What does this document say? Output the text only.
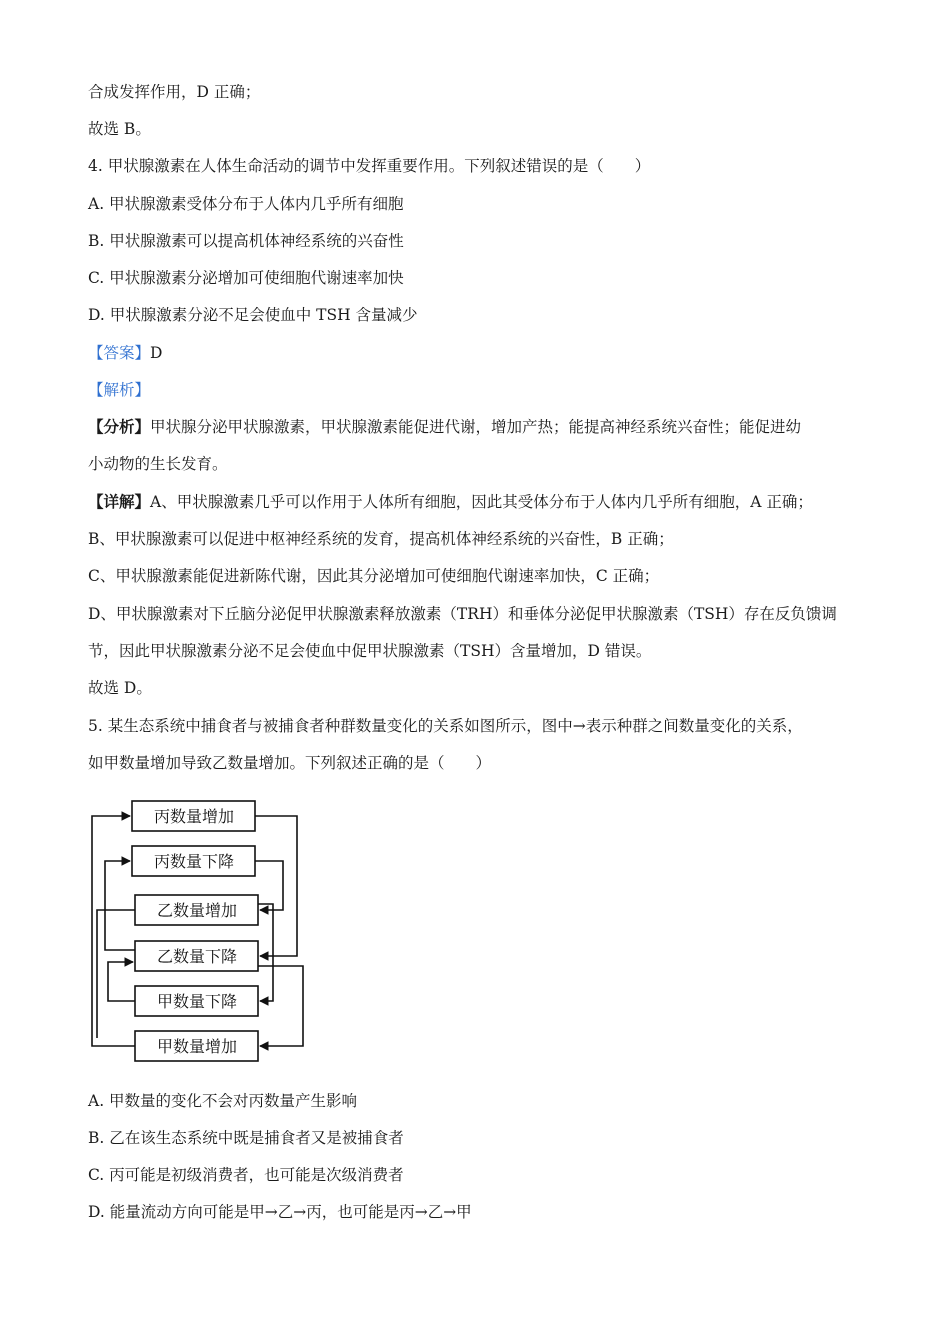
合成发挥作用，D 正确；
故选 B。
4. 甲状腺激素在人体生命活动的调节中发挥重要作用。下列叙述错误的是（　　）
A. 甲状腺激素受体分布于人体内几乎所有细胞
B. 甲状腺激素可以提高机体神经系统的兴奋性
C. 甲状腺激素分泌增加可使细胞代谢速率加快
D. 甲状腺激素分泌不足会使血中 TSH 含量减少
【答案】D
【解析】
【分析】甲状腺分泌甲状腺激素，甲状腺激素能促进代谢，增加产热；能提高神经系统兴奋性；能促进幼
小动物的生长发育。
【详解】A、甲状腺激素几乎可以作用于人体所有细胞，因此其受体分布于人体内几乎所有细胞，A 正确；
B、甲状腺激素可以促进中枢神经系统的发育，提高机体神经系统的兴奋性，B 正确；
C、甲状腺激素能促进新陈代谢，因此其分泌增加可使细胞代谢速率加快，C 正确；
D、甲状腺激素对下丘脑分泌促甲状腺激素释放激素（TRH）和垂体分泌促甲状腺激素（TSH）存在反负馈调
节，因此甲状腺激素分泌不足会使血中促甲状腺激素（TSH）含量增加，D 错误。
故选 D。
5. 某生态系统中捕食者与被捕食者种群数量变化的关系如图所示，图中→表示种群之间数量变化的关系，
如甲数量增加导致乙数量增加。下列叙述正确的是（　　）
丙数量增加
丙数量下降
乙数量增加
乙数量下降
甲数量下降
甲数量增加
A. 甲数量的变化不会对丙数量产生影响
B. 乙在该生态系统中既是捕食者又是被捕食者
C. 丙可能是初级消费者，也可能是次级消费者
D. 能量流动方向可能是甲→乙→丙，也可能是丙→乙→甲
